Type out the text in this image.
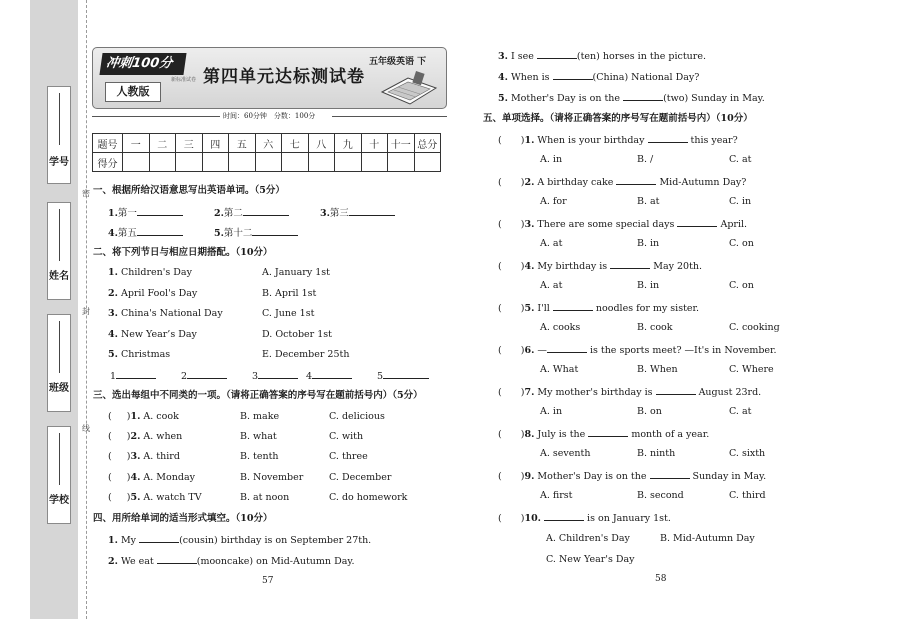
密
封
线
学号
姓名
班级
学校
冲刺100分
新标准试卷
人教版
第四单元达标测试卷
五年级英语 下
时间：60分钟　分数：100分
题号	一	二	三	四	五	六	七	八	九	十	十一	总分
得分												
一、根据所给汉语意思写出英语单词。（5分）
1.第一	2.第二	3.第三
4.第五	5.第十二
二、将下列节日与相应日期搭配。（10分）
1. Children's Day	A. January 1st
2. April Fool's Day	B. April 1st
3. China's National Day	C. June 1st
4. New Year’s Day	D. October 1st
5. Christmas	E. December 25th
1	2	3	4	5
三、选出每组中不同类的一项。（请将正确答案的序号写在题前括号内）（5分）
( )1. A. cook	B. make	C. delicious
( )2. A. when	B. what	C. with
( )3. A. third	B. tenth	C. three
( )4. A. Monday	B. November	C. December
( )5. A. watch TV	B. at noon	C. do homework
四、用所给单词的适当形式填空。（10分）
1. My	(cousin) birthday is on September 27th.
2. We eat	(mooncake) on Mid-Autumn Day.
57
3. I see	(ten) horses in the picture.
4. When is	(China) National Day?
5. Mother's Day is on the	(two) Sunday in May.
五、单项选择。（请将正确答案的序号写在题前括号内）（10分）
( )1. When is your birthday	this year?
A. in	B. /	C. at
( )2. A birthday cake	Mid-Autumn Day?
A. for	B. at	C. in
( )3. There are some special days	April.
A. at	B. in	C. on
( )4. My birthday is	May 20th.
A. at	B. in	C. on
( )5. I'll	noodles for my sister.
A. cooks	B. cook	C. cooking
( )6. —	is the sports meet? —It's in November.
A. What	B. When	C. Where
( )7. My mother's birthday is	August 23rd.
A. in	B. on	C. at
( )8. July is the	month of a year.
A. seventh	B. ninth	C. sixth
( )9. Mother's Day is on the	Sunday in May.
A. first	B. second	C. third
( )10.	is on January 1st.
A. Children's Day	B. Mid-Autumn Day
C. New Year's Day
58
